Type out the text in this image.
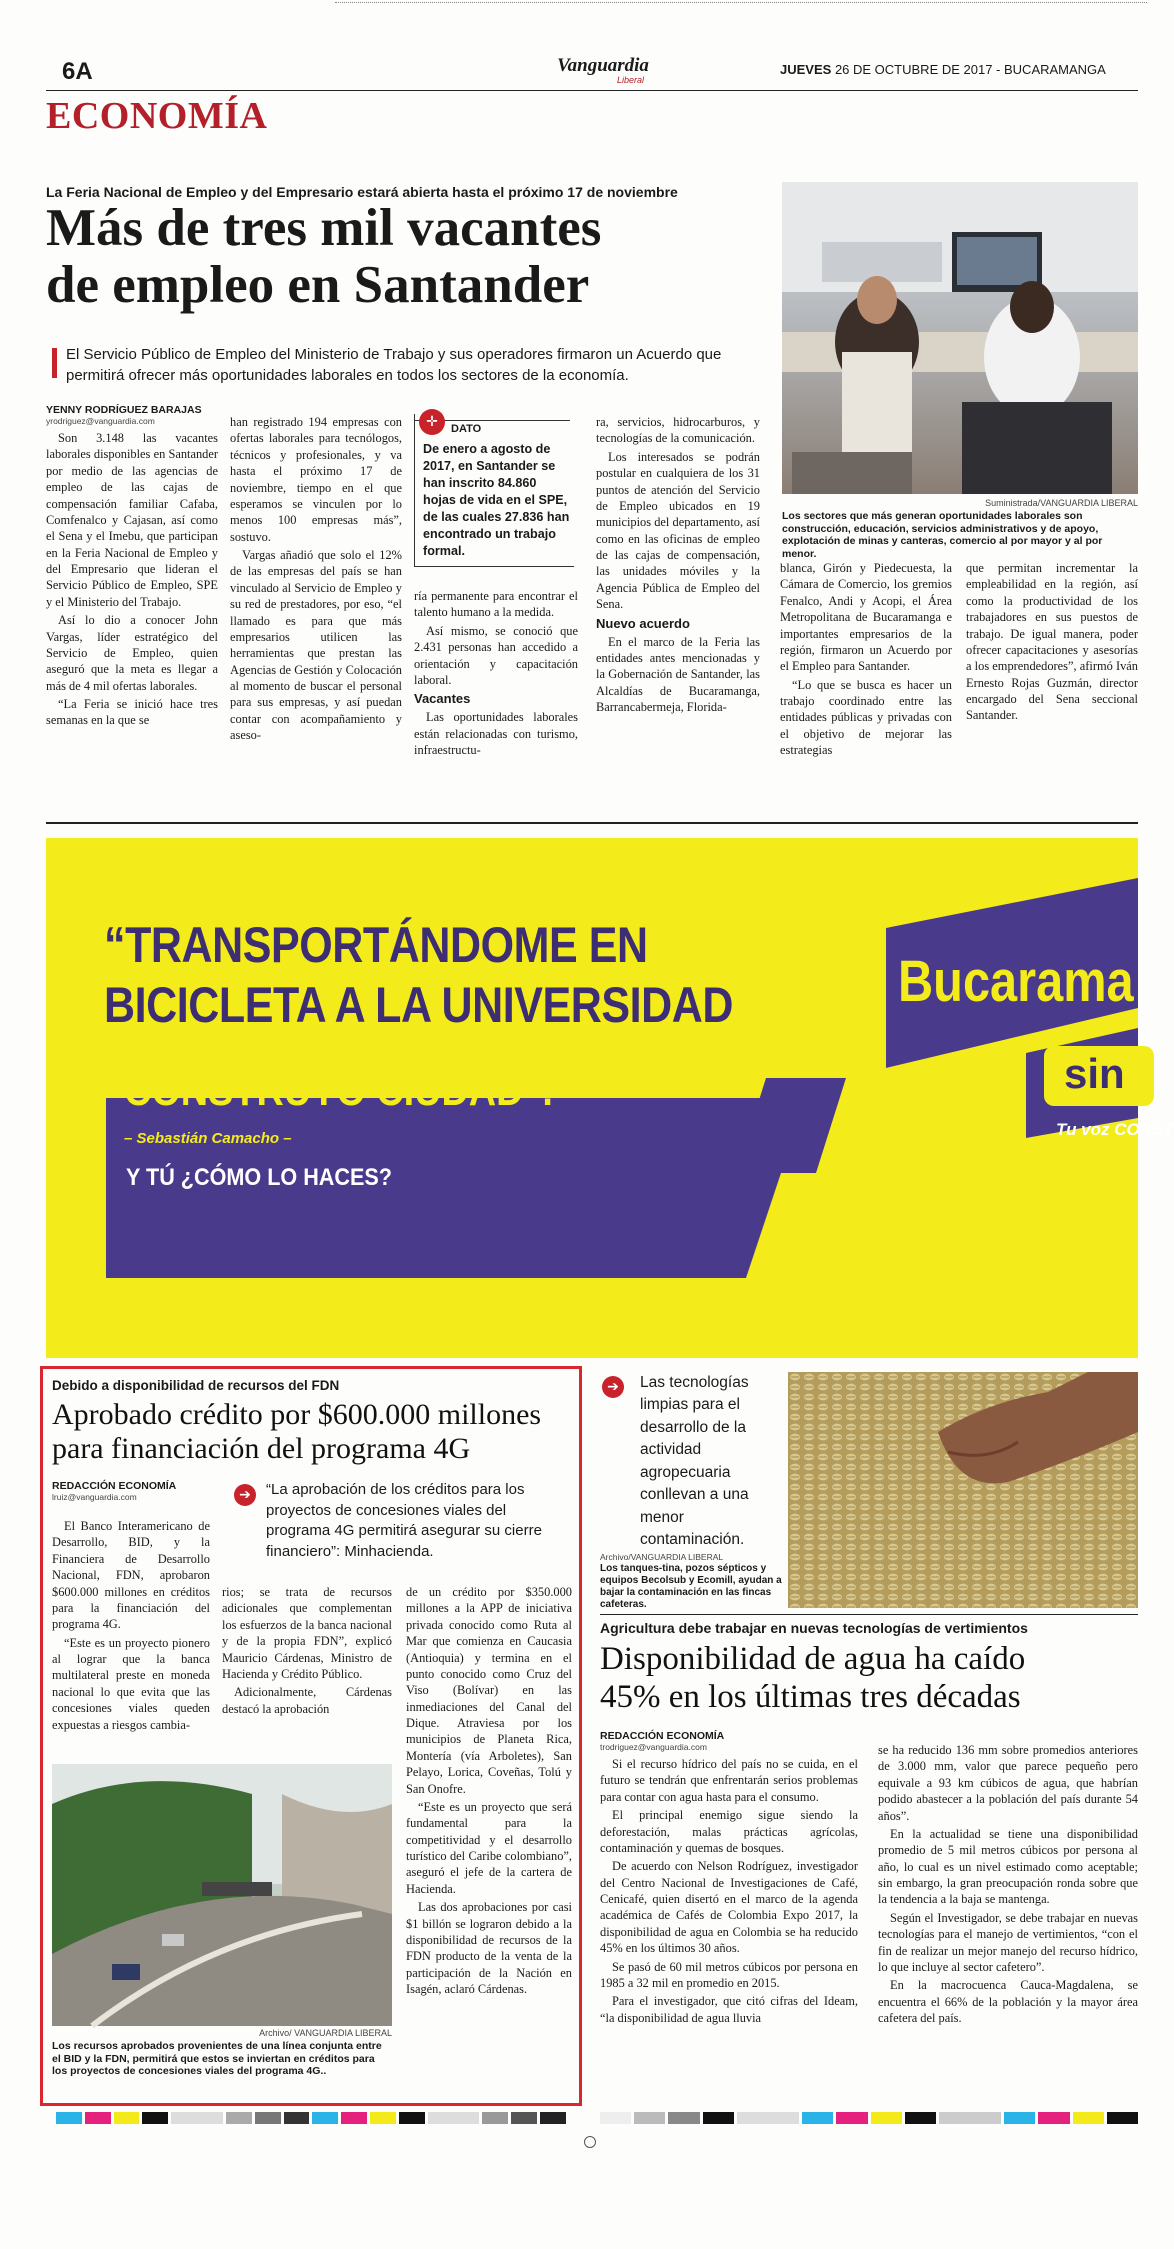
6A	Vanguardia
Liberal
JUEVES 26 DE OCTUBRE DE 2017 - BUCARAMANGA
ECONOMÍA
La Feria Nacional de Empleo y del Empresario estará abierta hasta el próximo 17 de noviembre
Más de tres mil vacantes
de empleo en Santander
El Servicio Público de Empleo del Ministerio de Trabajo y sus operadores firmaron un Acuerdo que permitirá ofrecer más oportunidades laborales en todos los sectores de la economía.
YENNY RODRÍGUEZ BARAJAS
yrodriguez@vanguardia.com

Son 3.148 las vacantes laborales disponibles en Santander por medio de las agencias de empleo de las cajas de compensación familiar Cafaba, Comfenalco y Cajasan, así como el Sena y el Imebu, que participan en la Feria Nacional de Empleo y del Empresario que lideran el Servicio Público de Empleo, SPE y el Ministerio del Trabajo.

Así lo dio a conocer John Vargas, líder estratégico del Servicio de Empleo, quien aseguró que la meta es llegar a más de 4 mil ofertas laborales.

“La Feria se inició hace tres semanas en la que se

han registrado 194 empresas con ofertas laborales para tecnólogos, técnicos y profesionales, y va hasta el próximo 17 de noviembre, tiempo en el que esperamos se vinculen por lo menos 100 empresas más”, sostuvo.

Vargas añadió que solo el 12% de las empresas del país se han vinculado al Servicio de Empleo y su red de prestadores, por eso, “el llamado es para que más empresarios utilicen las herramientas que prestan las Agencias de Gestión y Colocación al momento de buscar el personal para sus empresas, y así puedan contar con acompañamiento y aseso-

✛	DATO
De enero a agosto de 2017, en Santander se han inscrito 84.860 hojas de vida en el SPE, de las cuales 27.836 han encontrado un trabajo formal.

ría permanente para encontrar el talento humano a la medida.

Así mismo, se conoció que 2.431 personas han accedido a orientación y capacitación laboral.

Vacantes

Las oportunidades laborales están relacionadas con turismo, infraestructu-

ra, servicios, hidrocarburos, y tecnologías de la comunicación.

Los interesados se podrán postular en cualquiera de los 31 puntos de atención del Servicio de Empleo ubicados en 19 municipios del departamento, así como en las oficinas de empleo de las cajas de compensación, las unidades móviles y la Agencia Pública de Empleo del Sena.

Nuevo acuerdo

En el marco de la Feria las entidades antes mencionadas y la Gobernación de Santander, las Alcaldías de Bucaramanga, Barrancabermeja, Florida-

Suministrada/VANGUARDIA LIBERAL
Los sectores que más generan oportunidades laborales son construcción, educación, servicios administrativos y de apoyo, explotación de minas y canteras, comercio al por mayor y al por menor.

blanca, Girón y Piedecuesta, la Cámara de Comercio, los gremios Fenalco, Andi y Acopi, el Área Metropolitana de Bucaramanga e importantes empresarios de la región, firmaron un Acuerdo por el Empleo para Santander.

“Lo que se busca es hacer un trabajo coordinado entre las entidades públicas y privadas con el objetivo de mejorar las estrategias

que permitan incrementar la empleabilidad en la región, así como la productividad de los trabajadores en sus puestos de trabajo. De igual manera, poder ofrecer capacitaciones y asesorías a los emprendedores”, afirmó Iván Ernesto Rojas Guzmán, director encargado del Sena seccional Santander.

“TRANSPORTÁNDOME EN
BICICLETA A LA UNIVERSIDAD
CONSTRUYO CIUDAD”.
– Sebastián Camacho –
Y TÚ ¿CÓMO LO HACES?
Bucarama
sin
Tu voz CONST
Debido a disponibilidad de recursos del FDN
Aprobado crédito por $600.000 millones
para financiación del programa 4G
REDACCIÓN ECONOMÍA
lruiz@vanguardia.com	➔	“La aprobación de los créditos para los proyectos de concesiones viales del programa 4G permitirá asegurar su cierre financiero”: Minhacienda.

El Banco Interamericano de Desarrollo, BID, y la Financiera de Desarrollo Nacional, FDN, aprobaron $600.000 millones en créditos para la financiación del programa 4G.

“Este es un proyecto pionero al lograr que la banca multilateral preste en moneda nacional lo que evita que las concesiones viales queden expuestas a riesgos cambia-

rios; se trata de recursos adicionales que complementan los esfuerzos de la banca nacional y de la propia FDN”, explicó Mauricio Cárdenas, Ministro de Hacienda y Crédito Público.

Adicionalmente, Cárdenas destacó la aprobación

de un crédito por $350.000 millones a la APP de iniciativa privada conocido como Ruta al Mar que comienza en Caucasia (Antioquia) y termina en el punto conocido como Cruz del Viso (Bolívar) en las inmediaciones del Canal del Dique. Atraviesa por los municipios de Planeta Rica, Montería (vía Arboletes), San Pelayo, Lorica, Coveñas, Tolú y San Onofre.

“Este es un proyecto que será fundamental para la competitividad y el desarrollo turístico del Caribe colombiano”, aseguró el jefe de la cartera de Hacienda.

Las dos aprobaciones por casi $1 billón se lograron debido a la disponibilidad de recursos de la FDN producto de la venta de la participación de la Nación en Isagén, aclaró Cárdenas.

Archivo/ VANGUARDIA LIBERAL
Los recursos aprobados provenientes de una línea conjunta entre el BID y la FDN, permitirá que estos se inviertan en créditos para los proyectos de concesiones viales del programa 4G..
➔	Las tecnologías limpias para el desarrollo de la actividad agropecuaria conllevan a una menor contaminación.
Archivo/VANGUARDIA LIBERAL
Los tanques-tina, pozos sépticos y equipos Becolsub y Ecomill, ayudan a bajar la contaminación en las fincas cafeteras.
Agricultura debe trabajar en nuevas tecnologías de vertimientos
Disponibilidad de agua ha caído
45% en los últimas tres décadas
REDACCIÓN ECONOMÍA
trodriguez@vanguardia.com

Si el recurso hídrico del país no se cuida, en el futuro se tendrán que enfrentarán serios problemas para contar con agua hasta para el consumo.

El principal enemigo sigue siendo la deforestación, malas prácticas agrícolas, contaminación y quemas de bosques.

De acuerdo con Nelson Rodríguez, investigador del Centro Nacional de Investigaciones de Café, Cenicafé, quien disertó en el marco de la agenda académica de Cafés de Colombia Expo 2017, la disponibilidad de agua en Colombia se ha reducido 45% en los últimos 30 años.

Se pasó de 60 mil metros cúbicos por persona en 1985 a 32 mil en promedio en 2015.

Para el investigador, que citó cifras del Ideam, “la disponibilidad de agua lluvia

se ha reducido 136 mm sobre promedios anteriores de 3.000 mm, valor que parece pequeño pero equivale a 93 km cúbicos de agua, que habrían podido abastecer a la población del país durante 54 años”.

En la actualidad se tiene una disponibilidad promedio de 5 mil metros cúbicos por persona al año, lo cual es un nivel estimado como aceptable; sin embargo, la gran preocupación ronda sobre que la tendencia a la baja se mantenga.

Según el Investigador, se debe trabajar en nuevas tecnologías para el manejo de vertimientos, “con el fin de realizar un mejor manejo del recurso hídrico, lo que incluye al sector cafetero”.

En la macrocuenca Cauca-Magdalena, se encuentra el 66% de la población y la mayor área cafetera del país.
